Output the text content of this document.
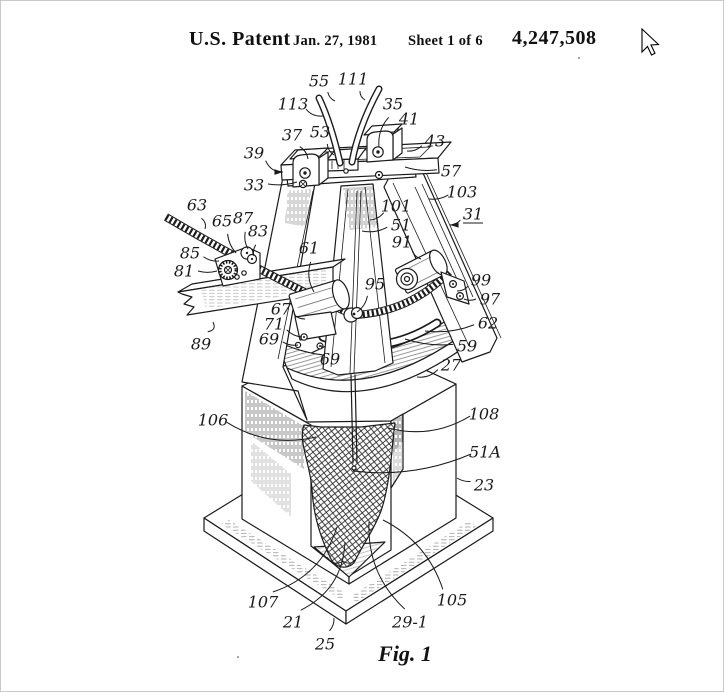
U.S. Patent Jan. 27, 1981 Sheet 1 of 6 4,247,508
Fig. 1
55 111
113	35
41
37 53	43
39
57
33	103
101	31
63
65 87
83	51
91
61
85
81
95	99
97
67
71
69
69
62
59
27
89
106	108
51A
23
107
21
25
29-1
105
